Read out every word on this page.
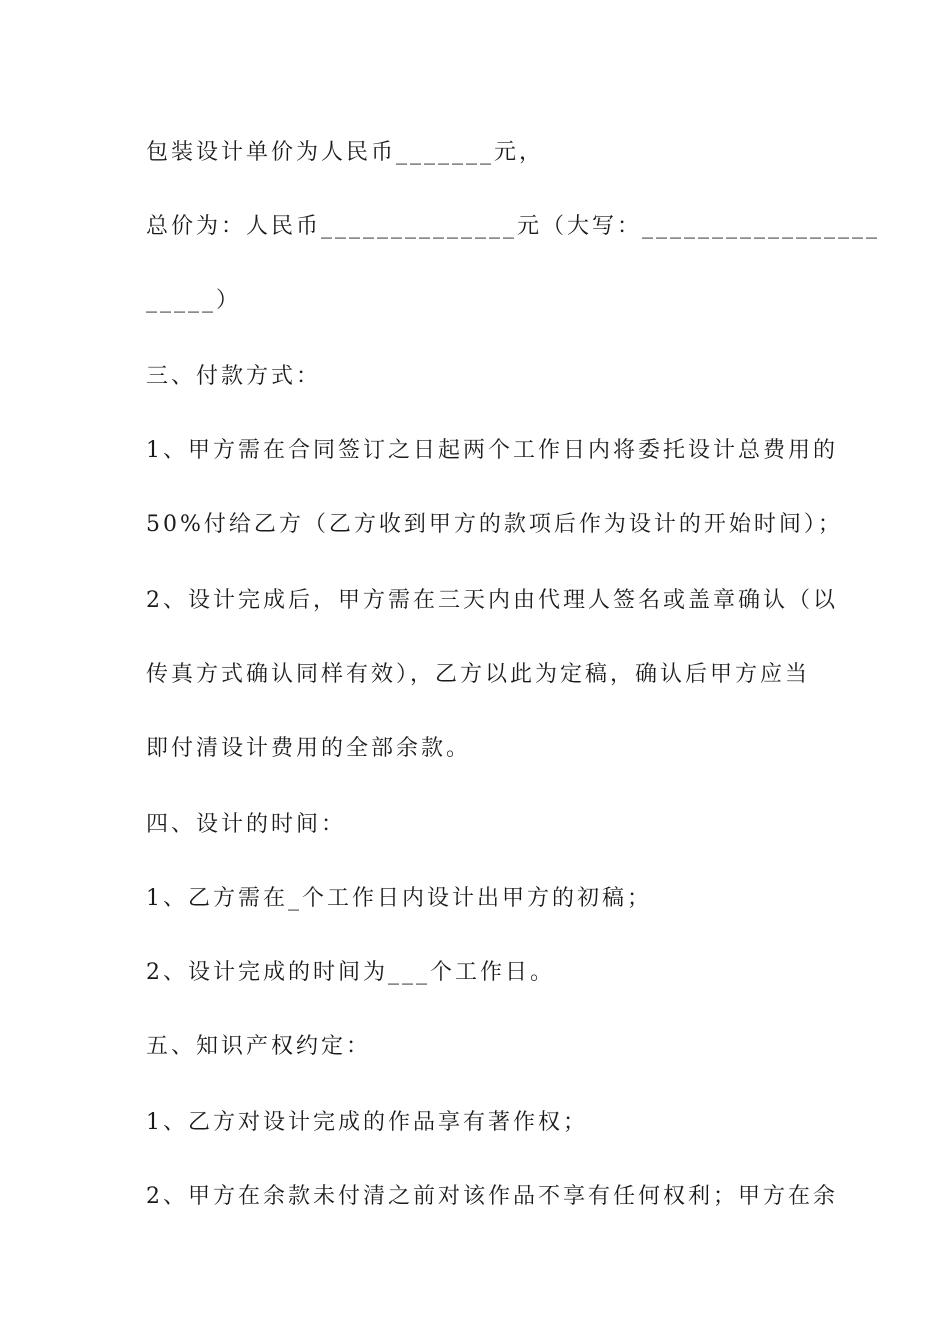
包装设计单价为人民币_______元，
总价为：人民币______________元（大写：_________________
_____）
三、付款方式：
1、甲方需在合同签订之日起两个工作日内将委托设计总费用的
50%付给乙方（乙方收到甲方的款项后作为设计的开始时间）；
2、设计完成后，甲方需在三天内由代理人签名或盖章确认（以
传真方式确认同样有效），乙方以此为定稿，确认后甲方应当
即付清设计费用的全部余款。
四、设计的时间：
1、乙方需在_个工作日内设计出甲方的初稿；
2、设计完成的时间为___个工作日。
五、知识产权约定：
1、乙方对设计完成的作品享有著作权；
2、甲方在余款未付清之前对该作品不享有任何权利；甲方在余
